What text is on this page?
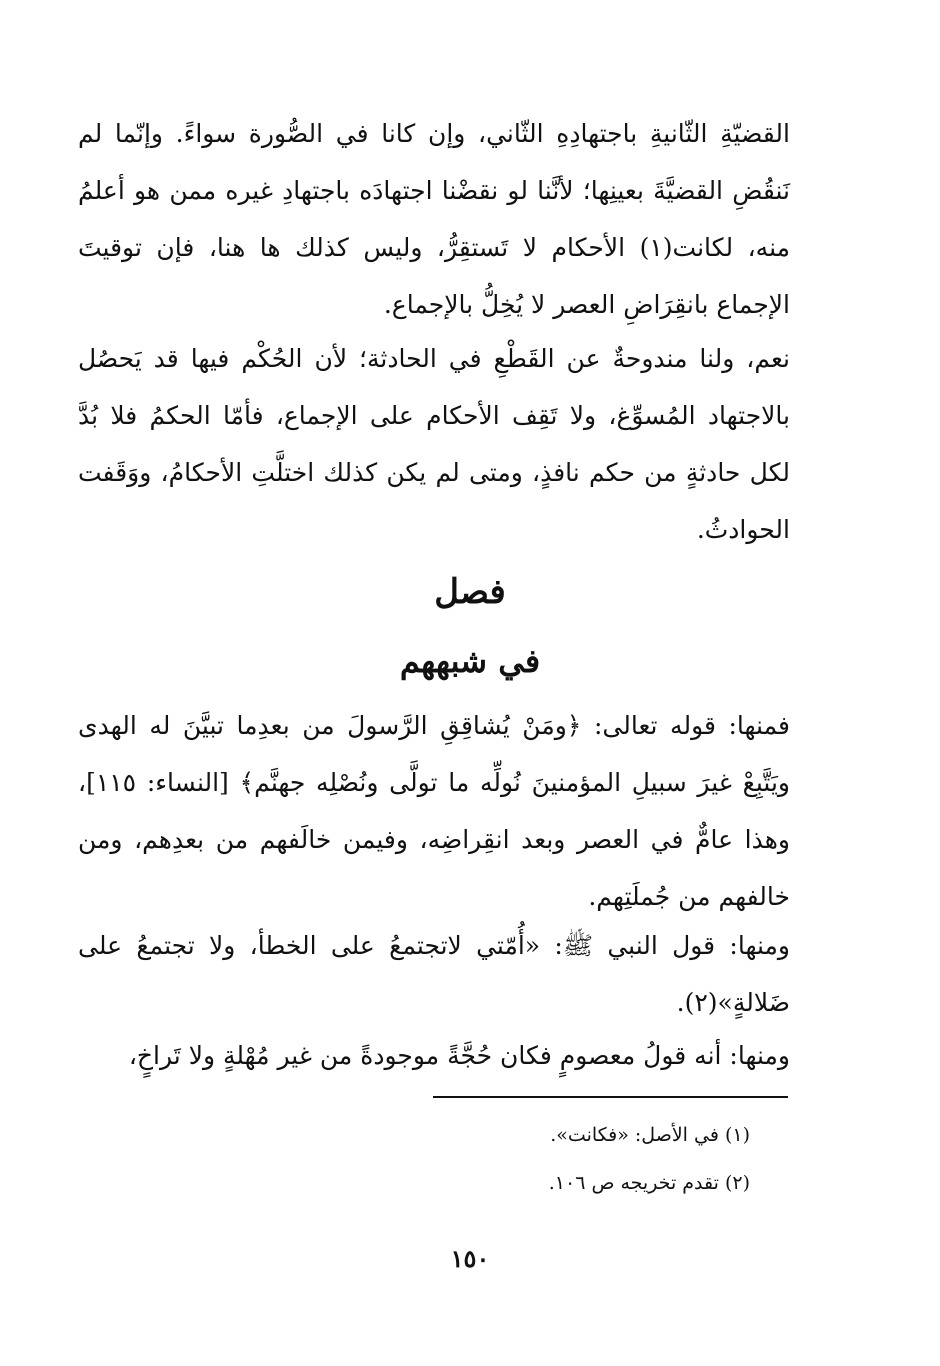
القضيّةِ الثّانيةِ باجتهادِهِ الثّاني، وإن كانا في الصُّورة سواءً. وإنّما لم نَنقُضِ القضيَّةَ بعينِها؛ لأنَّنا لو نقضْنا اجتهادَه باجتهادِ غيره ممن هو أعلمُ منه، لكانت(١) الأحكام لا تَستقِرُّ، وليس كذلك ها هنا، فإن توقيتَ الإجماع بانقِرَاضِ العصر لا يُخِلُّ بالإجماع.

نعم، ولنا مندوحةٌ عن القَطْعِ في الحادثة؛ لأن الحُكْم فيها قد يَحصُل بالاجتهاد المُسوِّغ، ولا تَقِف الأحكام على الإجماع، فأمّا الحكمُ فلا بُدَّ لكل حادثةٍ من حكم نافذٍ، ومتى لم يكن كذلك اختلَّتِ الأحكامُ، ووَقَفت الحوادثُ.

فصل
في شبههم

فمنها: قوله تعالى: ﴿ومَنْ يُشاقِقِ الرَّسولَ من بعدِما تبيَّنَ له الهدى ويَتَّبِعْ غيرَ سبيلِ المؤمنينَ نُولِّه ما تولَّى ونُصْلِه جهنَّم﴾ [النساء: ١١٥]، وهذا عامٌّ في العصر وبعد انقِراضِه، وفيمن خالَفهم من بعدِهم، ومن خالفهم من جُملَتِهم.

ومنها: قول النبي ﷺ: «أُمّتي لاتجتمعُ على الخطأ، ولا تجتمعُ على ضَلالةٍ»(٢).

ومنها: أنه قولُ معصومٍ فكان حُجَّةً موجودةً من غير مُهْلةٍ ولا تَراخٍ،

(١) في الأصل: «فكانت».

(٢) تقدم تخريجه ص ١٠٦.

١٥٠
